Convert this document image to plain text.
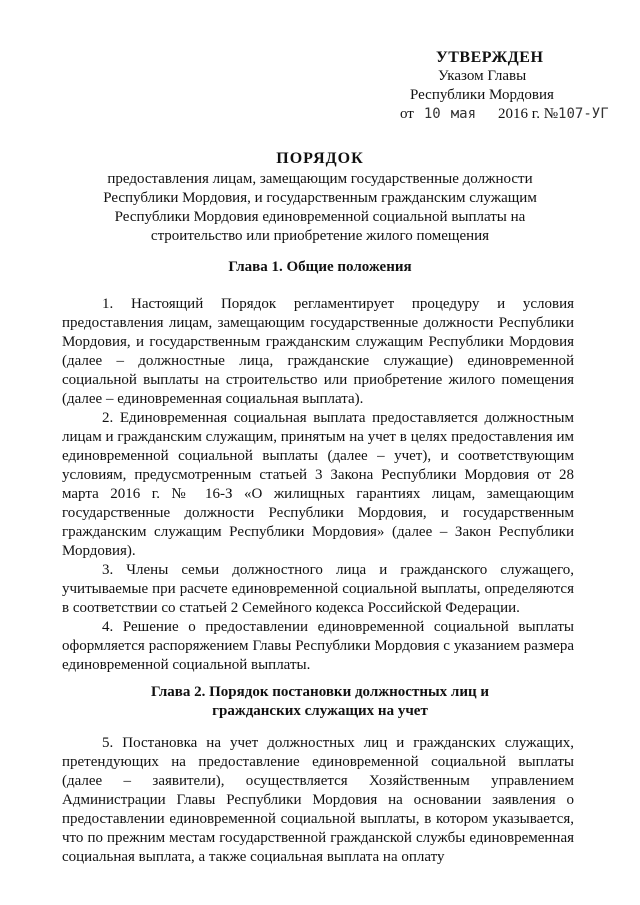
УТВЕРЖДЕН
Указом Главы
Республики Мордовия
от 10 мая 2016 г. №107-УГ
ПОРЯДОК
предоставления лицам, замещающим государственные должности
Республики Мордовия, и государственным гражданским служащим
Республики Мордовия единовременной социальной выплаты на
строительство или приобретение жилого помещения
Глава 1. Общие положения

1. Настоящий Порядок регламентирует процедуру и условия предоставления лицам, замещающим государственные должности Республики Мордовия, и государственным гражданским служащим Республики Мордовия (далее – должностные лица, гражданские служащие) единовременной социальной выплаты на строительство или приобретение жилого помещения (далее – единовременная социальная выплата).

2. Единовременная социальная выплата предоставляется должностным лицам и гражданским служащим, принятым на учет в целях предоставления им единовременной социальной выплаты (далее – учет), и соответствующим условиям, предусмотренным статьей 3 Закона Республики Мордовия от 28 марта 2016 г. № 16-З «О жилищных гарантиях лицам, замещающим государственные должности Республики Мордовия, и государственным гражданским служащим Республики Мордовия» (далее – Закон Республики Мордовия).

3. Члены семьи должностного лица и гражданского служащего, учитываемые при расчете единовременной социальной выплаты, определяются в соответствии со статьей 2 Семейного кодекса Российской Федерации.

4. Решение о предоставлении единовременной социальной выплаты оформляется распоряжением Главы Республики Мордовия с указанием размера единовременной социальной выплаты.

Глава 2. Порядок постановки должностных лиц и
гражданских служащих на учет

5. Постановка на учет должностных лиц и гражданских служащих, претендующих на предоставление единовременной социальной выплаты (далее – заявители), осуществляется Хозяйственным управлением Администрации Главы Республики Мордовия на основании заявления о предоставлении единовременной социальной выплаты, в котором указывается, что по прежним местам государственной гражданской службы единовременная социальная выплата, а также социальная выплата на оплату
